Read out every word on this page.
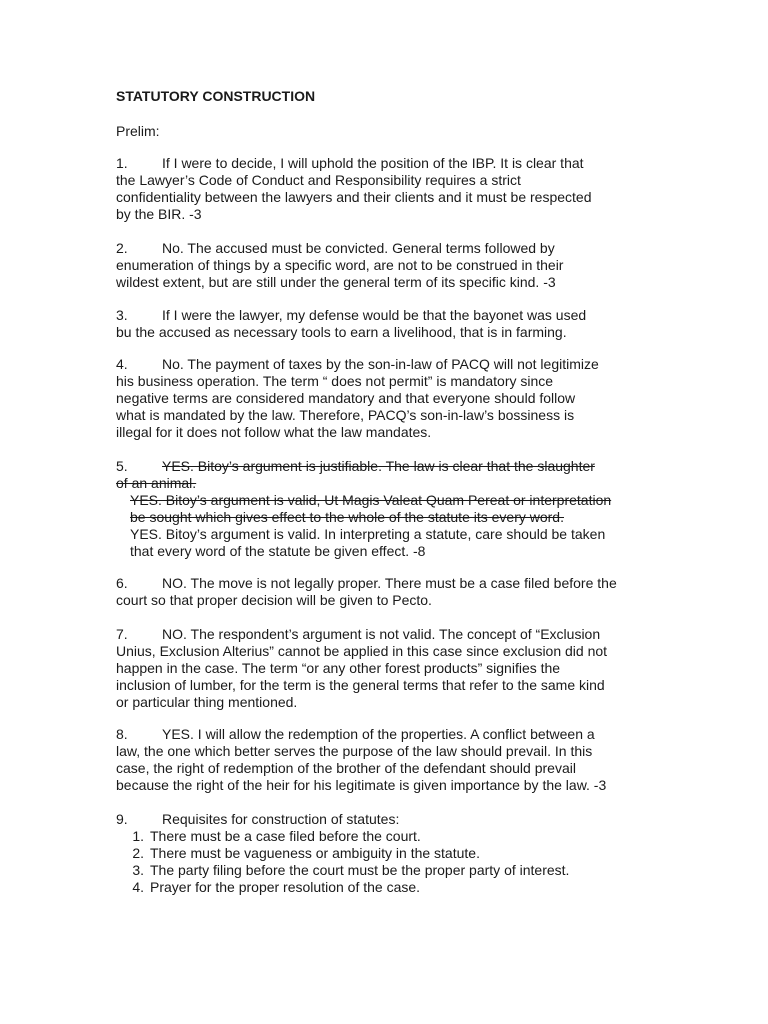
STATUTORY CONSTRUCTION
Prelim:
1. If I were to decide, I will uphold the position of the IBP. It is clear that
the Lawyer’s Code of Conduct and Responsibility requires a strict
confidentiality between the lawyers and their clients and it must be respected
by the BIR. -3
2. No. The accused must be convicted. General terms followed by
enumeration of things by a specific word, are not to be construed in their
wildest extent, but are still under the general term of its specific kind. -3
3. If I were the lawyer, my defense would be that the bayonet was used
bu the accused as necessary tools to earn a livelihood, that is in farming.
4. No. The payment of taxes by the son-in-law of PACQ will not legitimize
his business operation. The term “ does not permit” is mandatory since
negative terms are considered mandatory and that everyone should follow
what is mandated by the law. Therefore, PACQ’s son-in-law’s bossiness is
illegal for it does not follow what the law mandates.
5. YES. Bitoy’s argument is justifiable. The law is clear that the slaughter
of an animal.
YES. Bitoy’s argument is valid, Ut Magis Valeat Quam Pereat or interpretation
be sought which gives effect to the whole of the statute its every word.
YES. Bitoy’s argument is valid. In interpreting a statute, care should be taken
that every word of the statute be given effect. -8
6. NO. The move is not legally proper. There must be a case filed before the
court so that proper decision will be given to Pecto.
7. NO. The respondent’s argument is not valid. The concept of “Exclusion
Unius, Exclusion Alterius” cannot be applied in this case since exclusion did not
happen in the case. The term “or any other forest products” signifies the
inclusion of lumber, for the term is the general terms that refer to the same kind
or particular thing mentioned.
8. YES. I will allow the redemption of the properties. A conflict between a
law, the one which better serves the purpose of the law should prevail. In this
case, the right of redemption of the brother of the defendant should prevail
because the right of the heir for his legitimate is given importance by the law. -3
9. Requisites for construction of statutes:
1. There must be a case filed before the court.
2. There must be vagueness or ambiguity in the statute.
3. The party filing before the court must be the proper party of interest.
4. Prayer for the proper resolution of the case.
